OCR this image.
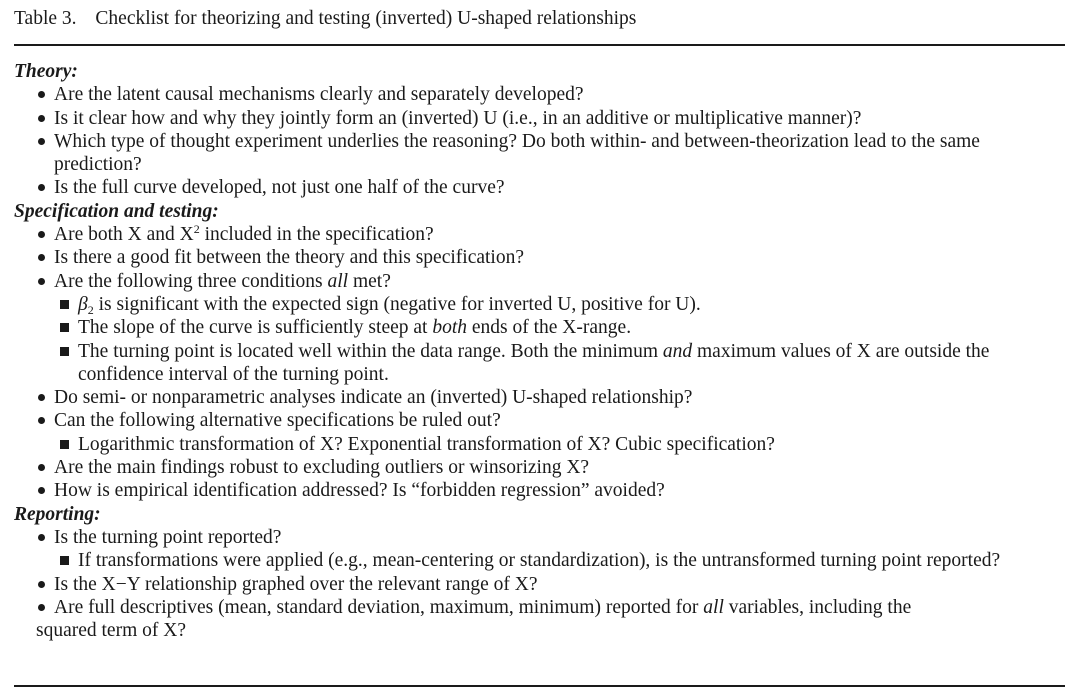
Table 3. Checklist for theorizing and testing (inverted) U-shaped relationships

Theory:

Are the latent causal mechanisms clearly and separately developed?
Is it clear how and why they jointly form an (inverted) U (i.e., in an additive or multiplicative manner)?
Which type of thought experiment underlies the reasoning? Do both within- and between-theorization lead to the same prediction?
Is the full curve developed, not just one half of the curve?

Specification and testing:

Are both X and $X^2$ included in the specification?
Is there a good fit between the theory and this specification?
Are the following three conditions all met?
$\beta_2$ is significant with the expected sign (negative for inverted U, positive for U).
The slope of the curve is sufficiently steep at both ends of the X-range.
The turning point is located well within the data range. Both the minimum and maximum values of X are outside the confidence interval of the turning point.
Do semi- or nonparametric analyses indicate an (inverted) U-shaped relationship?
Can the following alternative specifications be ruled out?
Logarithmic transformation of X? Exponential transformation of X? Cubic specification?
Are the main findings robust to excluding outliers or winsorizing X?
How is empirical identification addressed? Is “forbidden regression” avoided?

Reporting:

Is the turning point reported?
If transformations were applied (e.g., mean-centering or standardization), is the untransformed turning point reported?
Is the X−Y relationship graphed over the relevant range of X?
Are full descriptives (mean, standard deviation, maximum, minimum) reported for all variables, including the
squared term of X?
